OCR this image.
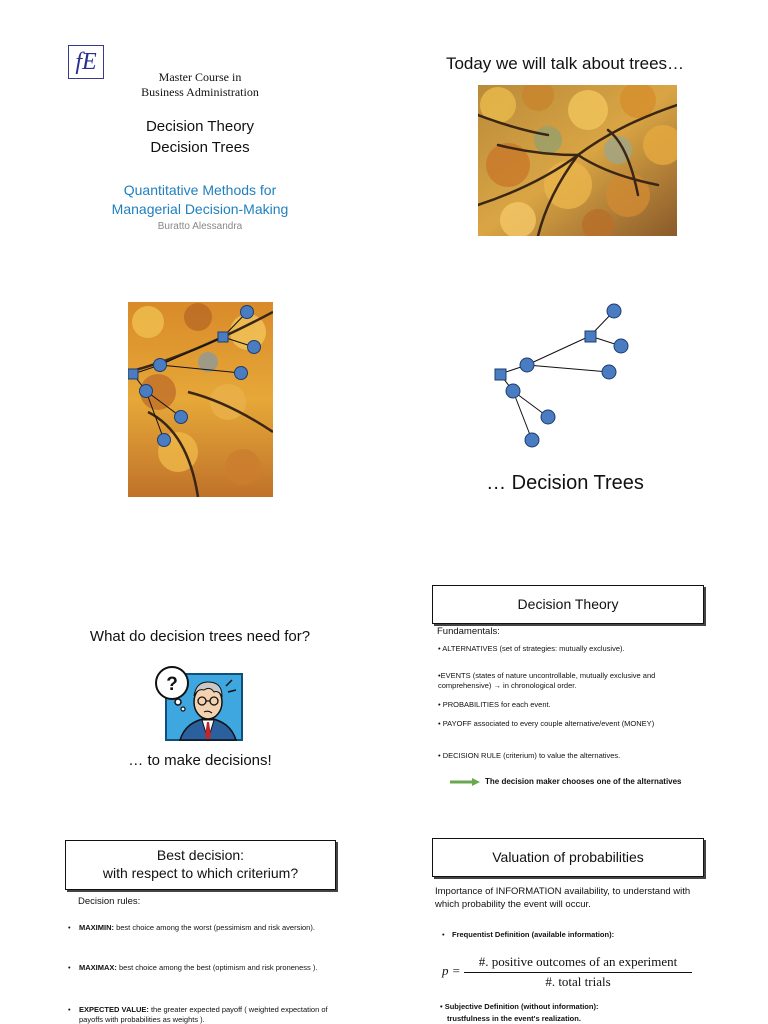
fE
Master Course in
Business Administration
Decision Theory
Decision Trees
Quantitative Methods for
Managerial Decision-Making
Buratto Alessandra
Today we will talk about trees…
… Decision Trees
What do decision trees need for?
?
… to make decisions!
Decision Theory
Fundamentals:
• ALTERNATIVES (set of strategies: mutually exclusive).
•EVENTS (states of nature uncontrollable, mutually exclusive and comprehensive) → in chronological order.
• PROBABILITIES for each event.
• PAYOFF associated to every couple alternative/event (MONEY)
• DECISION RULE (criterium) to value the alternatives.
The decision maker chooses one of the alternatives
Best decision:
with respect to which criterium?
Decision rules:
• MAXIMIN: best choice among the worst (pessimism and risk aversion).
• MAXIMAX: best choice among the best (optimism and risk proneness ).
• EXPECTED VALUE: the greater expected payoff ( weighted expectation of payoffs with probabilities as weights ).
Valuation of probabilities
Importance of INFORMATION availability, to understand with which probability the event will occur.
• Frequentist Definition (available information):
p =
#. positive outcomes of an experiment
#. total trials
• Subjective Definition (without information):
trustfulness in the event's realization.
